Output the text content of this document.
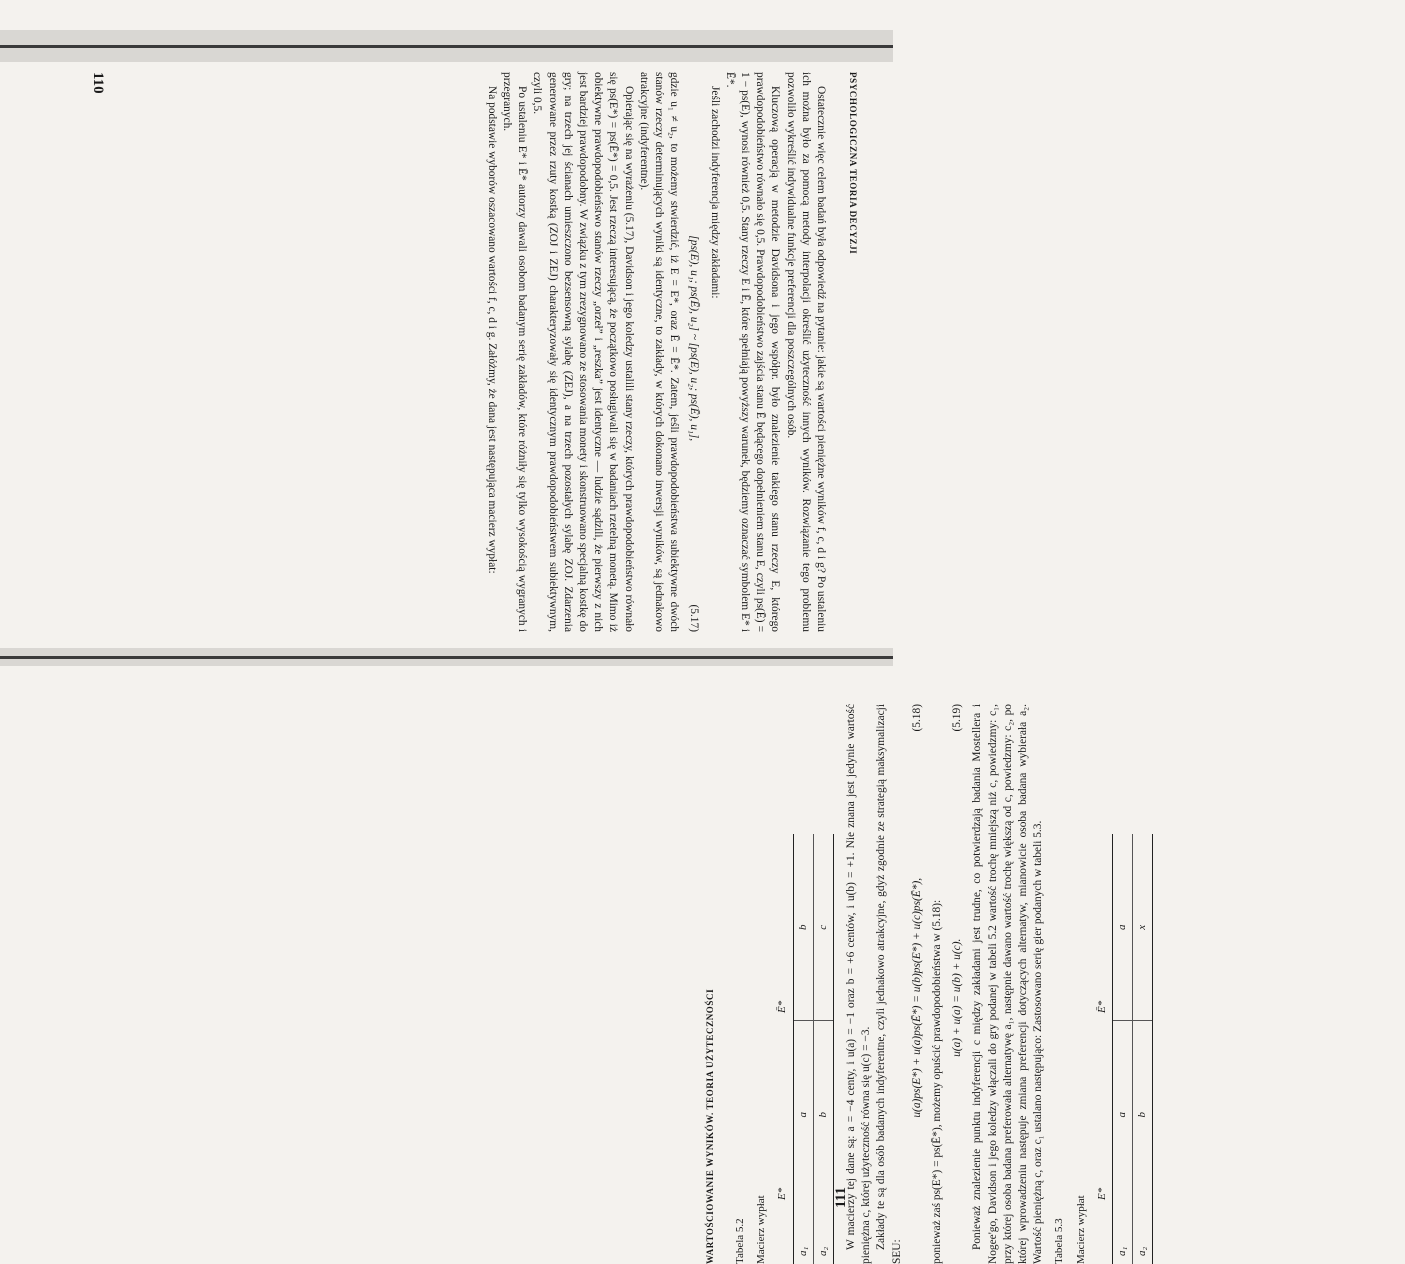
PSYCHOLOGICZNA TEORIA DECYZJI

Ostatecznie więc celem badań była odpowiedź na pytanie: jakie są wartości pieniężne wyników f, c, d i g? Po ustaleniu ich można było za pomocą metody interpolacji określić użyteczność innych wyników. Rozwiązanie tego problemu pozwoliło wykreślić indywidualne funkcje preferencji dla poszczególnych osób.

Kluczową operacją w metodzie Davidsona i jego współpr. było znalezienie takiego stanu rzeczy E, którego prawdopodobieństwo równało się 0,5. Prawdopodobieństwo zajścia stanu Ē będącego dopełnieniem stanu E, czyli ps(Ē) = 1 − ps(E), wynosi również 0,5. Stany rzeczy E i Ē, które spełniają powyższy warunek, będziemy oznaczać symbolem E* i Ē*.

Jeśli zachodzi indyferencja między zakładami:

[ps(E), u₁; ps(Ē), u₂] ~ [ps(E), u₂; ps(Ē), u₁],
(5.17)

gdzie u₁ ≠ u₂, to możemy stwierdzić, iż E = E*, oraz Ē = Ē*. Zatem, jeśli prawdopodobieństwa subiektywne dwóch stanów rzeczy determinujących wyniki są identyczne, to zakłady, w których dokonano inwersji wyników, są jednakowo atrakcyjne (indyferentne).

Opierając się na wyrażeniu (5.17), Davidson i jego koledzy ustalili stany rzeczy, których prawdopodobieństwo równało się ps(E*) = ps(Ē*) = 0,5. Jest rzeczą interesującą, że początkowo posługiwali się w badaniach rzetelną monetą. Mimo iż obiektywne prawdopodobieństwo stanów rzeczy „orzeł” i „reszka” jest identyczne — ludzie sądzili, że pierwszy z nich jest bardziej prawdopodobny. W związku z tym zrezygnowano ze stosowania monety i skonstruowano specjalną kostkę do gry; na trzech jej ścianach umieszczono bezsensowną sylabę (ZEJ), a na trzech pozostałych sylabę ZOJ. Zdarzenia generowane przez rzuty kostką (ZOJ i ZEJ) charakteryzowały się identycznym prawdopodobieństwem subiektywnym, czyli 0,5.

Po ustaleniu E* i Ē* autorzy dawali osobom badanym serię zakładów, które różniły się tylko wysokością wygranych i przegranych.

Na podstawie wyborów oszacowano wartości f, c, d i g. Załóżmy, że dana jest następująca macierz wypłat:

110
WARTOŚCIOWANIE WYNIKÓW. TEORIA UŻYTECZNOŚCI Tabela 5.2 Macierz wypłat
	E*	Ē*
a₁	a	b
a₂	b	c W macierzy tej dane są: a = −4 centy, i u(a) = −1 oraz b = +6 centów, i u(b) = +1. Nie znana jest jedynie wartość pieniężna c, której użyteczność równa się u(c) = −3. Zakłady te są dla osób badanych indyferentne, czyli jednakowo atrakcyjne, gdyż zgodnie ze strategią maksymalizacji SEU:

u(a)ps(E*) + u(a)ps(Ē*) = u(b)ps(E*) + u(c)ps(Ē*),
(5.18)

ponieważ zaś ps(E*) = ps(Ē*), możemy opuścić prawdopodobieństwa w (5.18): u(a) + u(a) = u(b) + u(c).
(5.19) Ponieważ znalezienie punktu indyferencji c między zakładami jest trudne, co potwierdzają badania Mostellera i Nogee'go, Davidson i jego koledzy włączali do gry podanej w tabeli 5.2 wartość trochę mniejszą niż c, powiedzmy: c₁, przy której osoba badana preferowała alternatywę a₁, następnie dawano wartość trochę większą od c, powiedzmy: c₂, po której wprowadzeniu następuje zmiana preferencji dotyczących alternatyw, mianowicie osoba badana wybierała a₂. Wartość pieniężną c, oraz c₁ ustalano następująco: Zastosowano serię gier podanych w tabeli 5.3. Tabela 5.3 Macierz wypłat
	E*	Ē*
a₁	a	a
a₂	b	x
111
